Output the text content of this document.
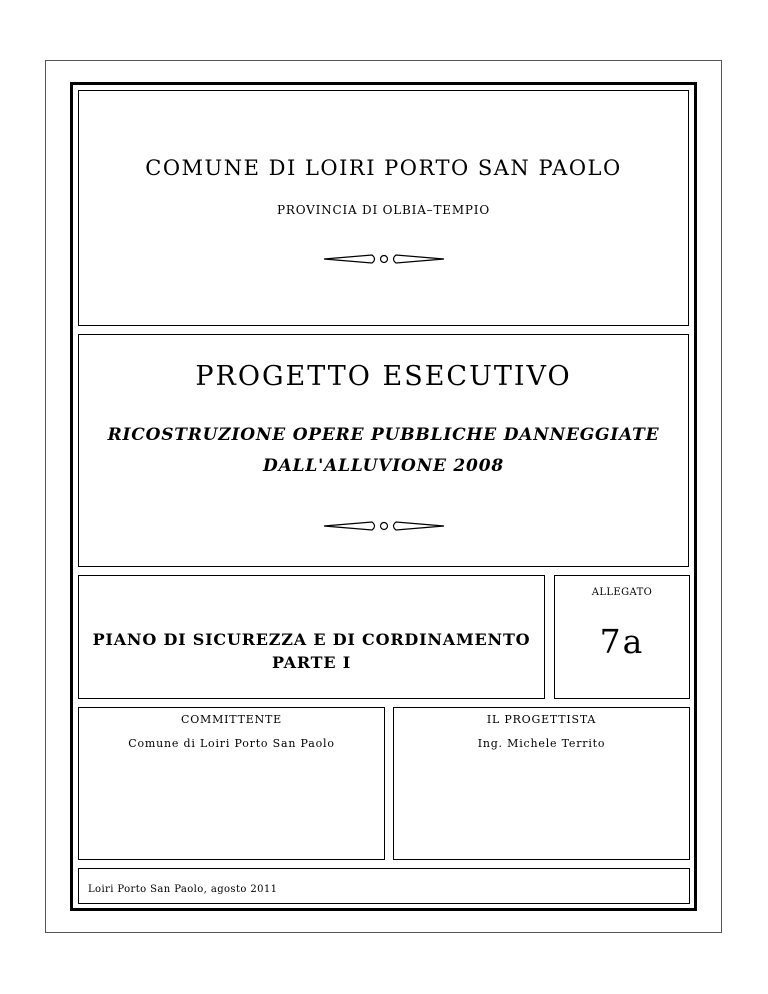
COMUNE DI LOIRI PORTO SAN PAOLO
PROVINCIA DI OLBIA–TEMPIO
PROGETTO ESECUTIVO
RICOSTRUZIONE OPERE PUBBLICHE DANNEGGIATE
DALL'ALLUVIONE 2008
PIANO DI SICUREZZA E DI CORDINAMENTO
PARTE I
ALLEGATO
7a
COMMITTENTE
Comune di Loiri Porto San Paolo
IL PROGETTISTA
Ing. Michele Territo
Loiri Porto San Paolo, agosto 2011
